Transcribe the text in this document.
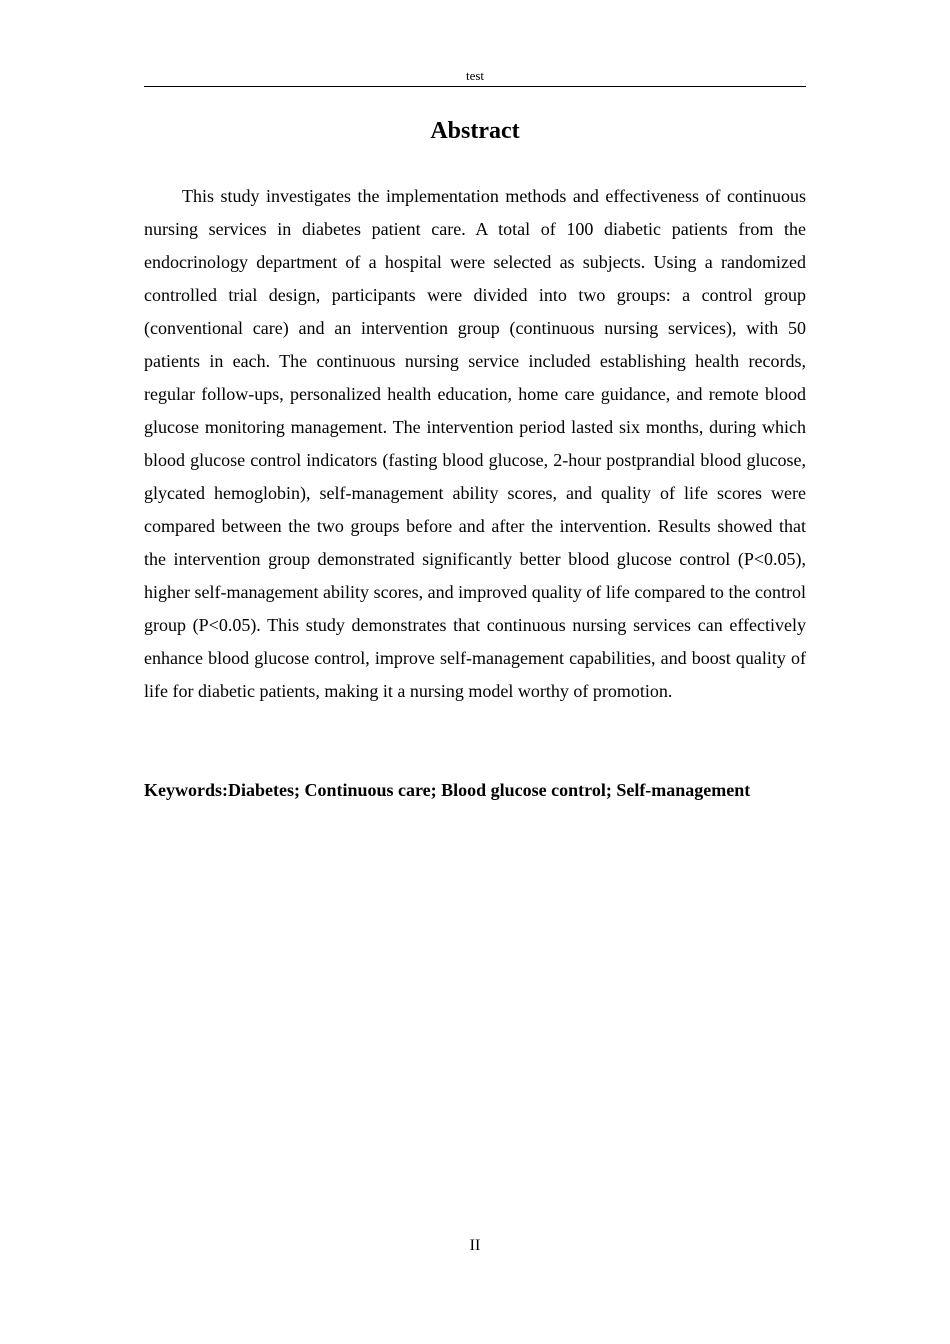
test
Abstract

This study investigates the implementation methods and effectiveness of continuous nursing services in diabetes patient care. A total of 100 diabetic patients from the endocrinology department of a hospital were selected as subjects. Using a randomized controlled trial design, participants were divided into two groups: a control group (conventional care) and an intervention group (continuous nursing services), with 50 patients in each. The continuous nursing service included establishing health records, regular follow-ups, personalized health education, home care guidance, and remote blood glucose monitoring management. The intervention period lasted six months, during which blood glucose control indicators (fasting blood glucose, 2-hour postprandial blood glucose, glycated hemoglobin), self-management ability scores, and quality of life scores were compared between the two groups before and after the intervention. Results showed that the intervention group demonstrated significantly better blood glucose control (P<0.05), higher self-management ability scores, and improved quality of life compared to the control group (P<0.05). This study demonstrates that continuous nursing services can effectively enhance blood glucose control, improve self-management capabilities, and boost quality of life for diabetic patients, making it a nursing model worthy of promotion.

Keywords:Diabetes; Continuous care; Blood glucose control; Self-management

II
